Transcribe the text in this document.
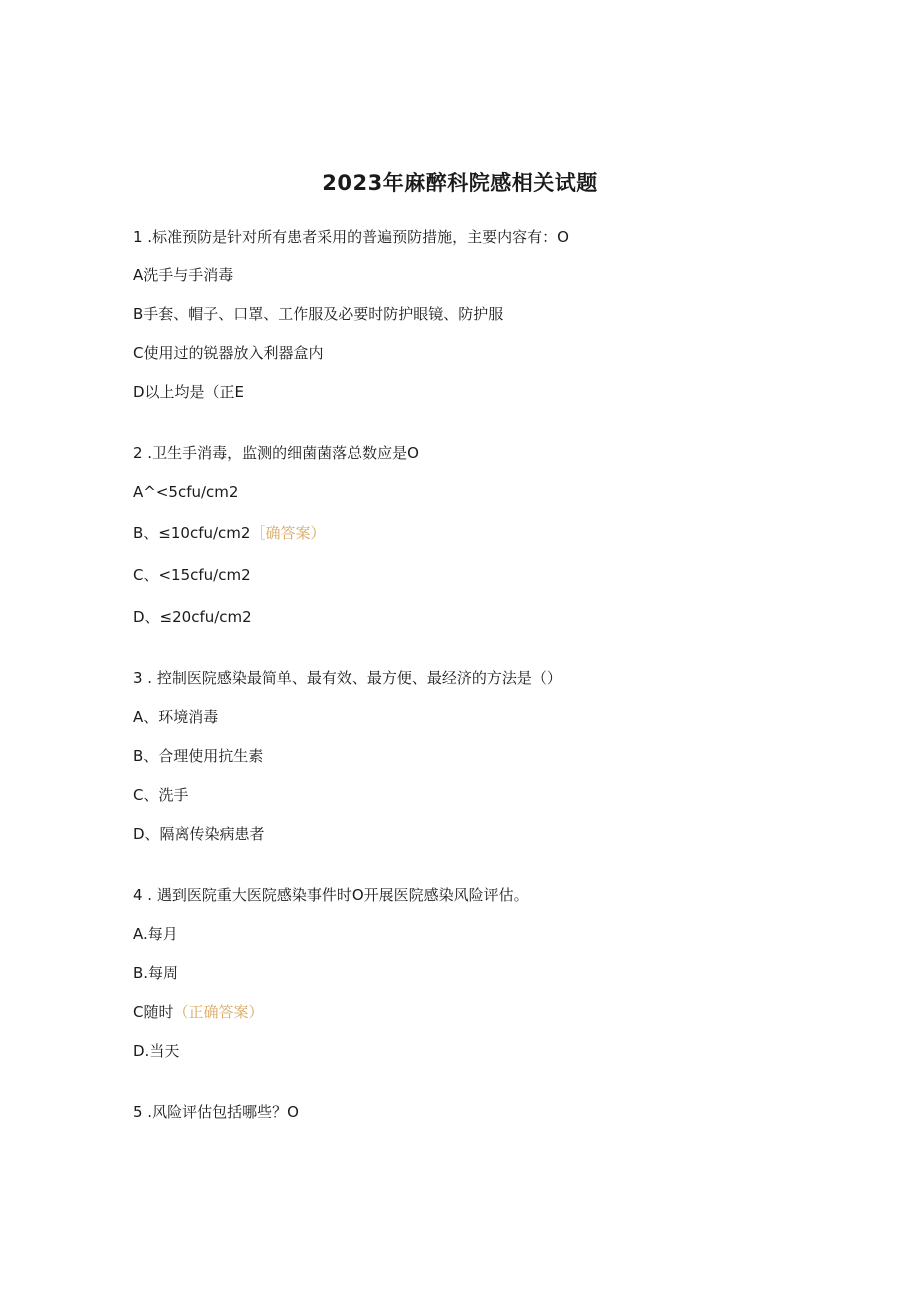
2023年麻醉科院感相关试题
1 .标准预防是针对所有患者采用的普遍预防措施，主要内容有：O
A洗手与手消毒
B手套、帽子、口罩、工作服及必要时防护眼镜、防护服
C使用过的锐器放入利器盒内
D以上均是（正E
2 .卫生手消毒，监测的细菌菌落总数应是O
A^<5cfu∕cm2
B、≤10cfu∕cm2［确答案）
C、<15cfu∕cm2
D、≤20cfu∕cm2
3 . 控制医院感染最简单、最有效、最方便、最经济的方法是（）
A、环境消毒
B、合理使用抗生素
C、洗手
D、隔离传染病患者
4 . 遇到医院重大医院感染事件时O开展医院感染风险评估。
A.每月
B.每周
C随时（正确答案）
D.当天
5 .风险评估包括哪些？O
